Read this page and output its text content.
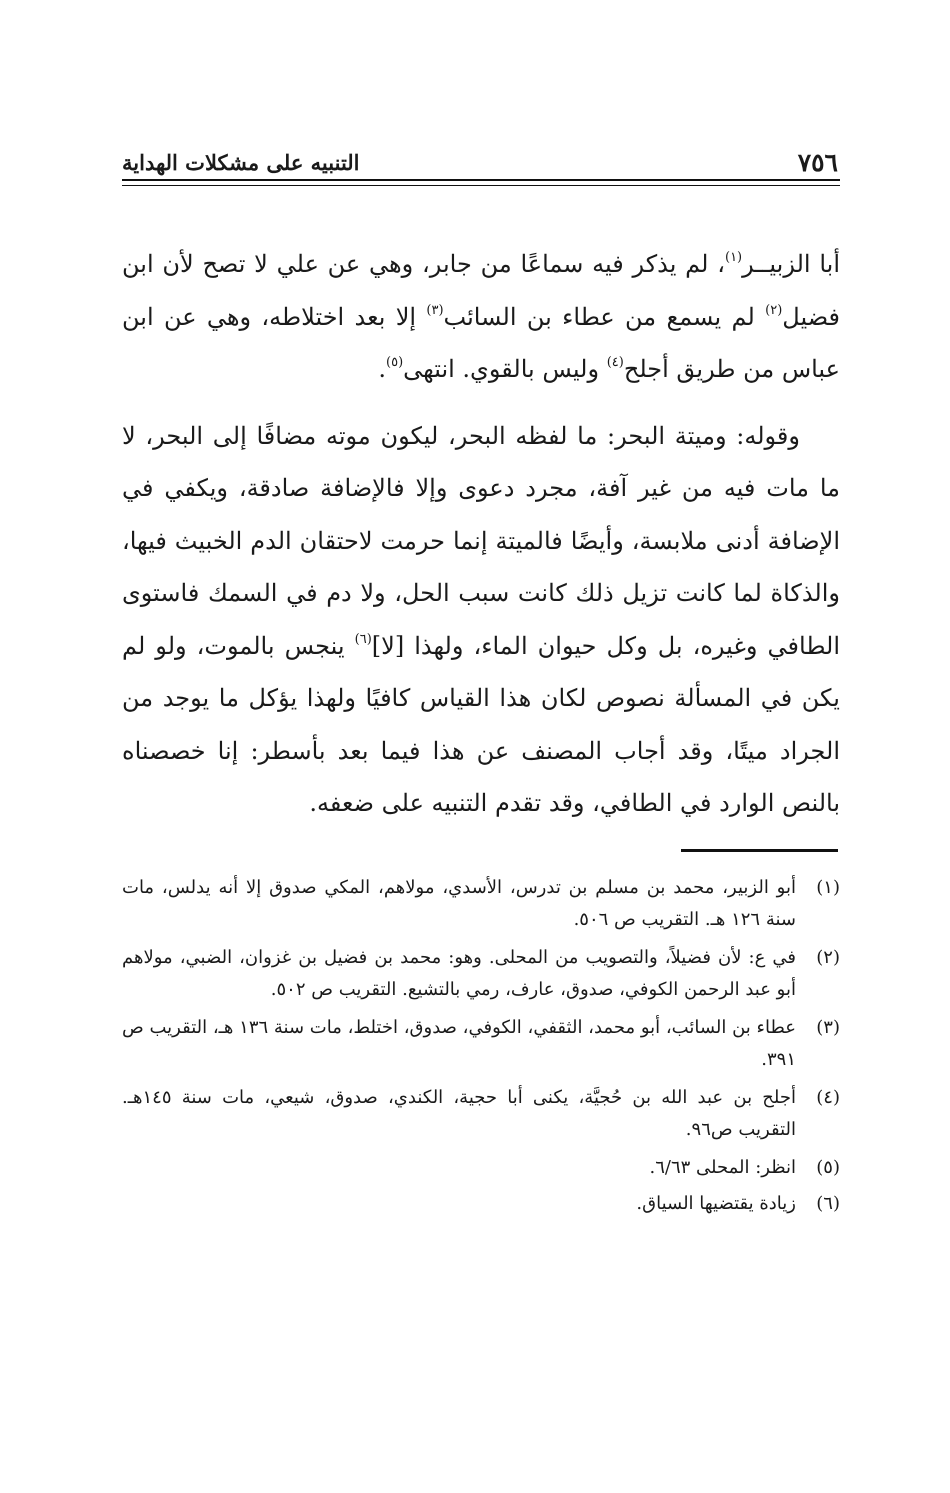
٧٥٦
التنبيه على مشكلات الهداية

أبا الزبيــر$^{(١)}$، لم يذكر فيه سماعًا من جابر، وهي عن علي لا تصح لأن ابن فضيل$^{(٢)}$ لم يسمع من عطاء بن السائب$^{(٣)}$ إلا بعد اختلاطه، وهي عن ابن عباس من طريق أجلح$^{(٤)}$ وليس بالقوي. انتهى$^{(٥)}$.

وقوله: وميتة البحر: ما لفظه البحر، ليكون موته مضافًا إلى البحر، لا ما مات فيه من غير آفة، مجرد دعوى وإلا فالإضافة صادقة، ويكفي في الإضافة أدنى ملابسة، وأيضًا فالميتة إنما حرمت لاحتقان الدم الخبيث فيها، والذكاة لما كانت تزيل ذلك كانت سبب الحل، ولا دم في السمك فاستوى الطافي وغيره، بل وكل حيوان الماء، ولهذا [لا]$^{(٦)}$ ينجس بالموت، ولو لم يكن في المسألة نصوص لكان هذا القياس كافيًا ولهذا يؤكل ما يوجد من الجراد ميتًا، وقد أجاب المصنف عن هذا فيما بعد بأسطر: إنا خصصناه بالنص الوارد في الطافي، وقد تقدم التنبيه على ضعفه.

(١)
أبو الزبير، محمد بن مسلم بن تدرس، الأسدي، مولاهم، المكي صدوق إلا أنه يدلس، مات سنة ١٢٦ هـ. التقريب ص ٥٠٦.
(٢)
في ع: لأن فضيلاً، والتصويب من المحلى. وهو: محمد بن فضيل بن غزوان، الضبي، مولاهم أبو عبد الرحمن الكوفي، صدوق، عارف، رمي بالتشيع. التقريب ص ٥٠٢.
(٣)
عطاء بن السائب، أبو محمد، الثقفي، الكوفي، صدوق، اختلط، مات سنة ١٣٦ هـ، التقريب ص ٣٩١.
(٤)
أجلح بن عبد الله بن حُجيَّة، يكنى أبا حجية، الكندي، صدوق، شيعي، مات سنة ١٤٥هـ. التقريب ص٩٦.
(٥)
انظر: المحلى ٦/٦٣.
(٦)
زيادة يقتضيها السياق.
